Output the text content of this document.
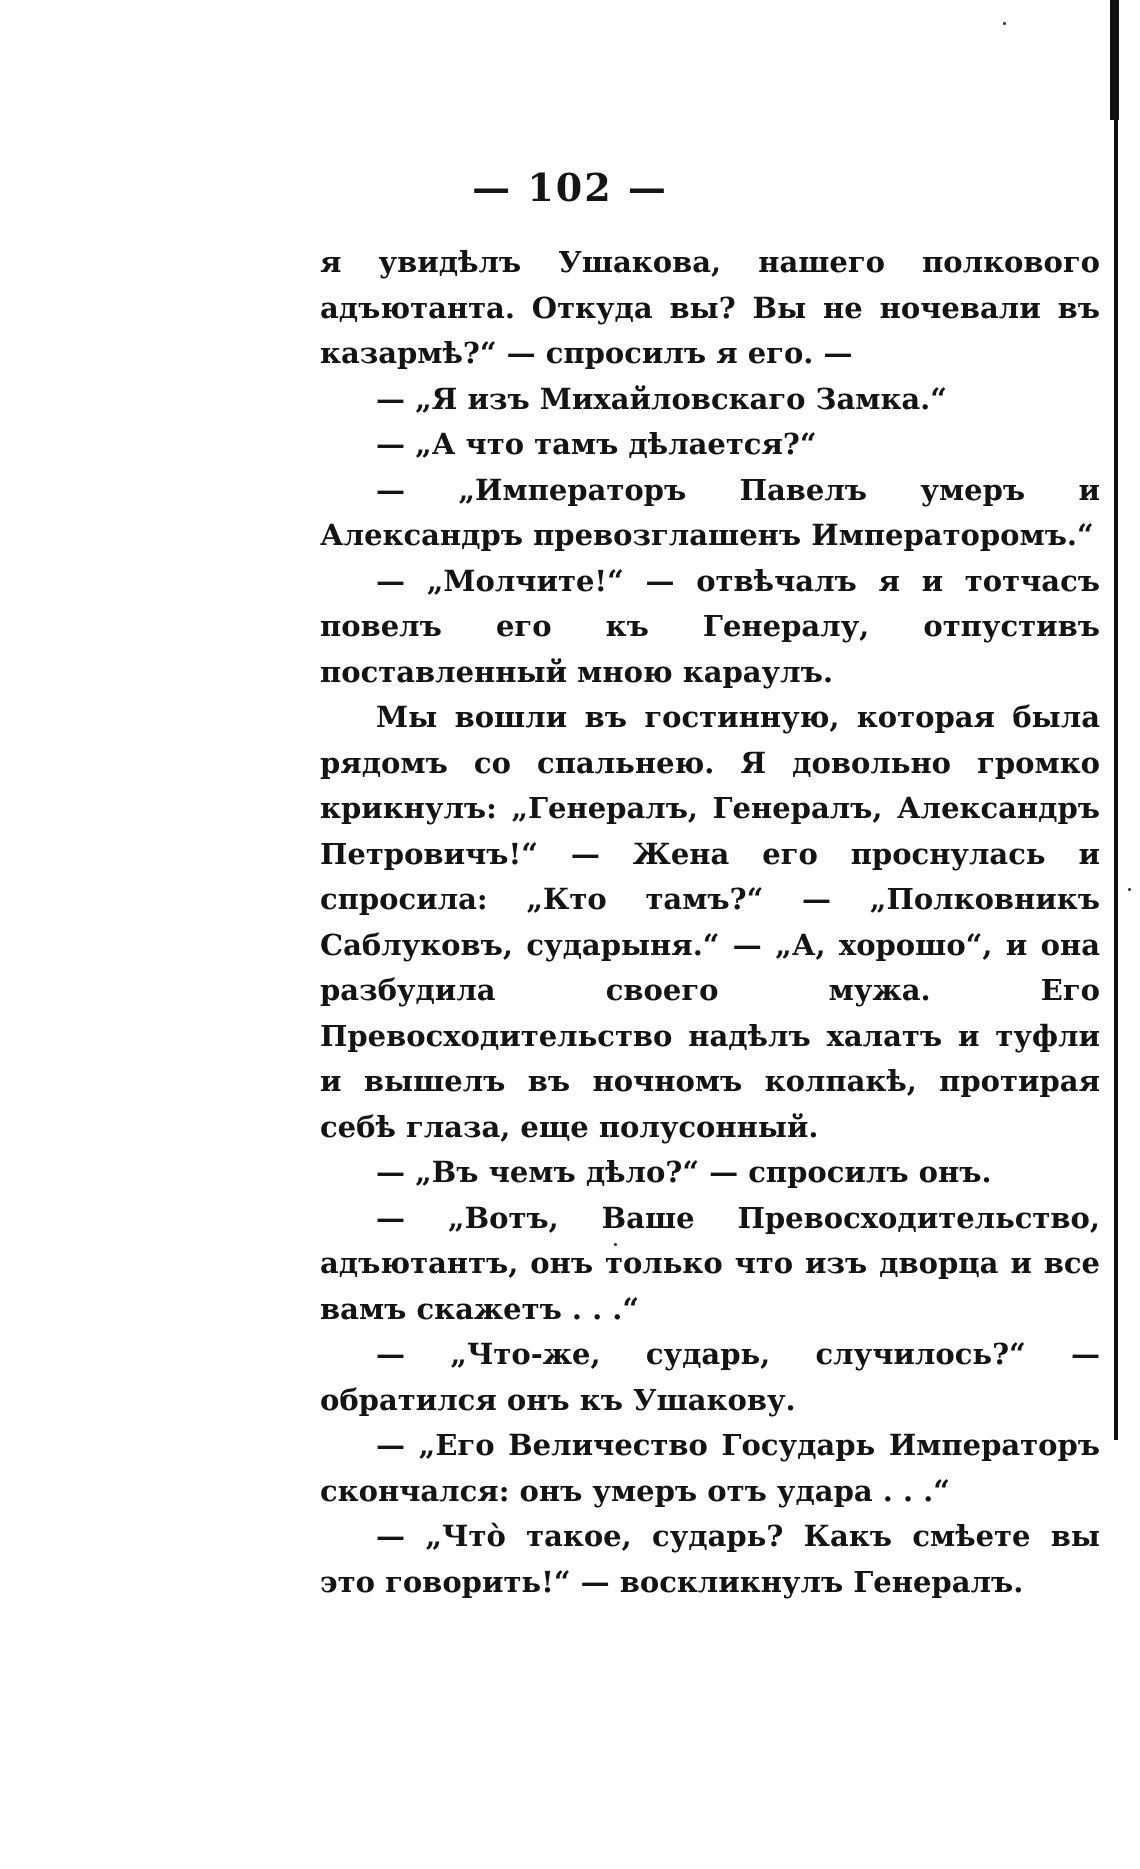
— 102 —

я увидѣлъ Ушакова, нашего полкового адъютанта. Откуда вы? Вы не ночевали въ казармѣ?“ — спросилъ я его. —

— „Я изъ Михайловскаго Замка.“

— „А что тамъ дѣлается?“

— „Императоръ Павелъ умеръ и Александръ превозглашенъ Императоромъ.“

— „Молчите!“ — отвѣчалъ я и тотчасъ повелъ его къ Генералу, отпустивъ поставленный мною караулъ.

Мы вошли въ гостинную, которая была рядомъ со спальнею. Я довольно громко крикнулъ: „Генералъ, Генералъ, Александръ Петровичъ!“ — Жена его проснулась и спросила: „Кто тамъ?“ — „Полковникъ Саблуковъ, сударыня.“ — „А, хорошо“, и она разбудила своего мужа. Его Превосходительство надѣлъ халатъ и туфли и вышелъ въ ночномъ колпакѣ, протирая себѣ глаза, еще полусонный.

— „Въ чемъ дѣло?“ — спросилъ онъ.

— „Вотъ, Ваше Превосходительство, адъютантъ, онъ только что изъ дворца и все вамъ скажетъ . . .“

— „Что-же, сударь, случилось?“ — обратился онъ къ Ушакову.

— „Его Величество Государь Императоръ скончался: онъ умеръ отъ удара . . .“

— „Чтò такое, сударь? Какъ смѣете вы это говорить!“ — воскликнулъ Генералъ.
